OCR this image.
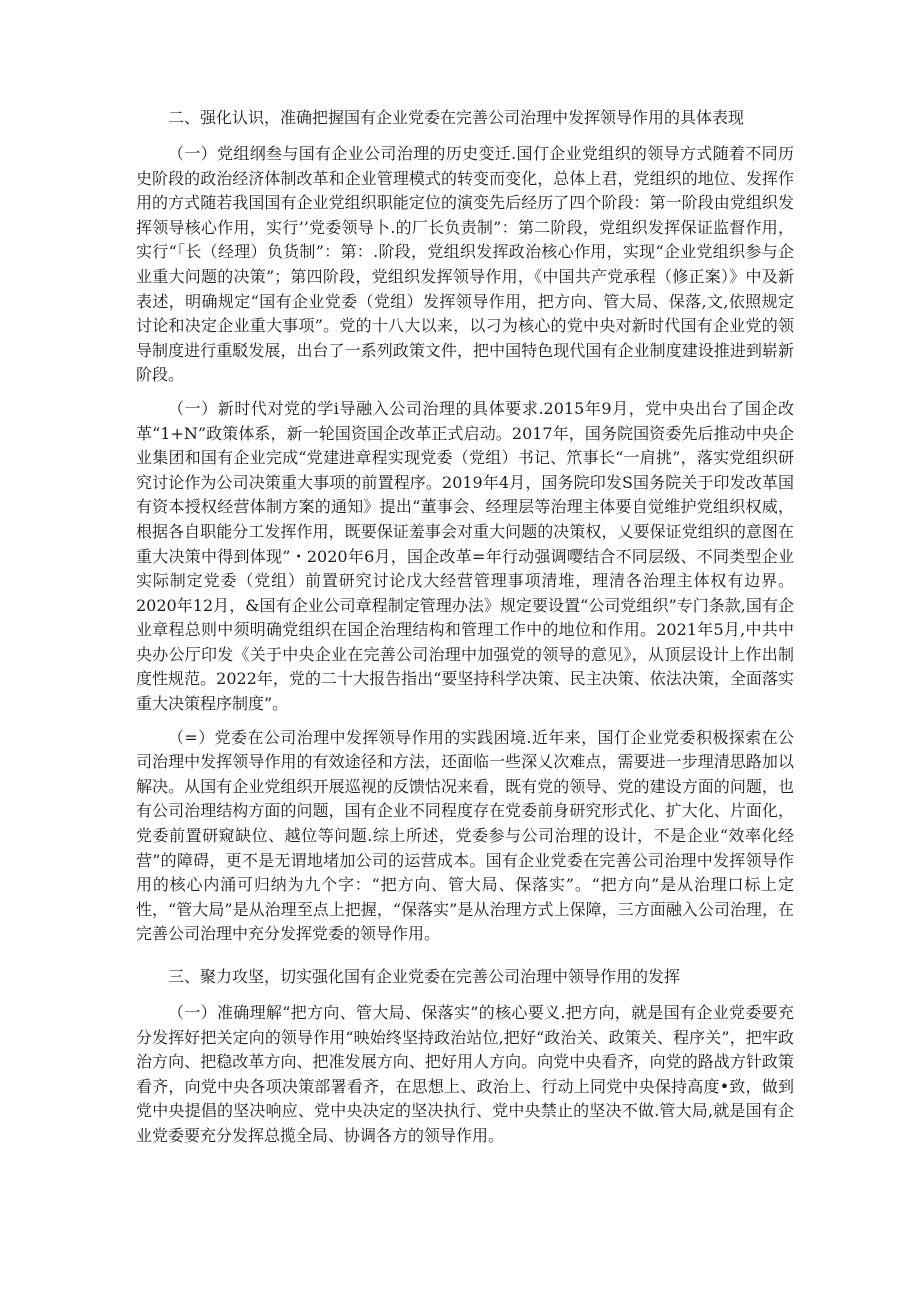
二、强化认识，准确把握国有企业党委在完善公司治理中发挥领导作用的具体表现

（一）党组纲叁与国有企业公司治理的历史变迁.国仃企业党组织的领导方式随着不同历史阶段的政治经济体制改革和企业管理模式的转变而变化，总体上君，党组织的地位、发挥作用的方式随若我国国有企业党组织职能定位的演变先后经历了四个阶段：第一阶段由党组织发挥领导核心作用，实行’’党委领导卜.的厂长负责制”：第二阶段，党组织发挥保证监督作用，实行“「长（经理）负货制”：第：.阶段，党组织发挥政治核心作用，实现“企业党组织参与企业重大问题的决策”；第四阶段，党组织发挥领导作用，《中国共产党承程（修正案）》中及新表述，明确规定“国有企业党委（党组）发挥领导作用，把方向、管大局、保落,文,依照规定讨论和决定企业重大事项”。党的十八大以来，以刁为核心的党中央对新时代国有企业党的领导制度进行重駁发展，出台了一系列政策文件，把中国特色现代国有企业制度建设推进到崭新阶段。

（一）新时代对党的学i导融入公司治理的具体要求.2015年9月，党中央出台了国企改革“1+N”政策体系，新一轮国资国企改革正式启动。2017年，国务院国资委先后推动中央企业集团和国有企业完成“党建进章程实现党委（党组）书记、笊事长“一肩挑”，落实党组织研究讨论作为公司决策重大事项的前置程序。2019年4月，国务院印发S国务院关于印发改革国有资本授权经营体制方案的通知》提出“董事会、经理层等治理主体要自觉维护党组织权威，根据各自职能分工发挥作用，既要保证羞事会对重大问题的决策权，乂要保证党组织的意图在重大决策中得到体现”・2020年6月，国企改革=年行动强调嘤结合不同层级、不同类型企业实际制定党委（党组）前置研究讨论戊大经营管理事项清堆，理清各治理主体权有边界。2020年12月，&国有企业公司章程制定管理办法》规定要设置“公司党组织”专门条款,国有企业章程总则中须明确党组织在国企治理结构和管理工作中的地位和作用。2021年5月,中共中央办公厅印发《关于中央企业在完善公司治理中加强党的领导的意见》，从顶层设计上作出制度性规范。2022年，党的二十大报告指出“要坚持科学决策、民主决策、依法决策，全面落实重大决策程序制度”。

（=）党委在公司治理中发挥领导作用的实践困境.近年来，国仃企业党委积极探索在公司治理中发挥领导作用的有效途径和方法，还面临一些深乂次难点，需要进一步理清思路加以解决。从国有企业党组织开展巡视的反馈怙况来看，既有党的领导、党的建设方面的问题，也有公司治理结构方面的问题，国有企业不同程度存在党委前身研究形式化、扩大化、片面化，党委前置研窥缺位、越位等问题.综上所述，党委参与公司治理的设计，不是企业“效率化经营”的障碍，更不是无谓地堵加公司的运营成本。国有企业党委在完善公司治理中发挥领导作用的核心内涌可归纳为九个字：“把方向、管大局、保落实”。“把方向”是从治理口标上定性，“管大局”是从治理至点上把握，“保落实”是从治理方式上保障，三方面融入公司治理，在完善公司治理中充分发挥党委的领导作用。

三、聚力攻坚，切实强化国有企业党委在完善公司治理中领导作用的发挥

（一）准确理解“把方向、管大局、保落实”的核心要义.把方向，就是国有企业党委要充分发挥好把关定向的领导作用“映始终坚持政治站位,把好“政治关、政策关、程序关”，把牢政治方向、把稳改革方向、把准发展方向、把好用人方向。向党中央看齐，向党的路战方针政策看齐，向党中央各项决策部署看齐，在思想上、政治上、行动上同党中央保持高度•致，做到党中央提倡的坚决响应、党中央决定的坚决执行、党中央禁止的坚决不做.管大局,就是国有企业党委要充分发挥总揽全局、协调各方的领导作用。
